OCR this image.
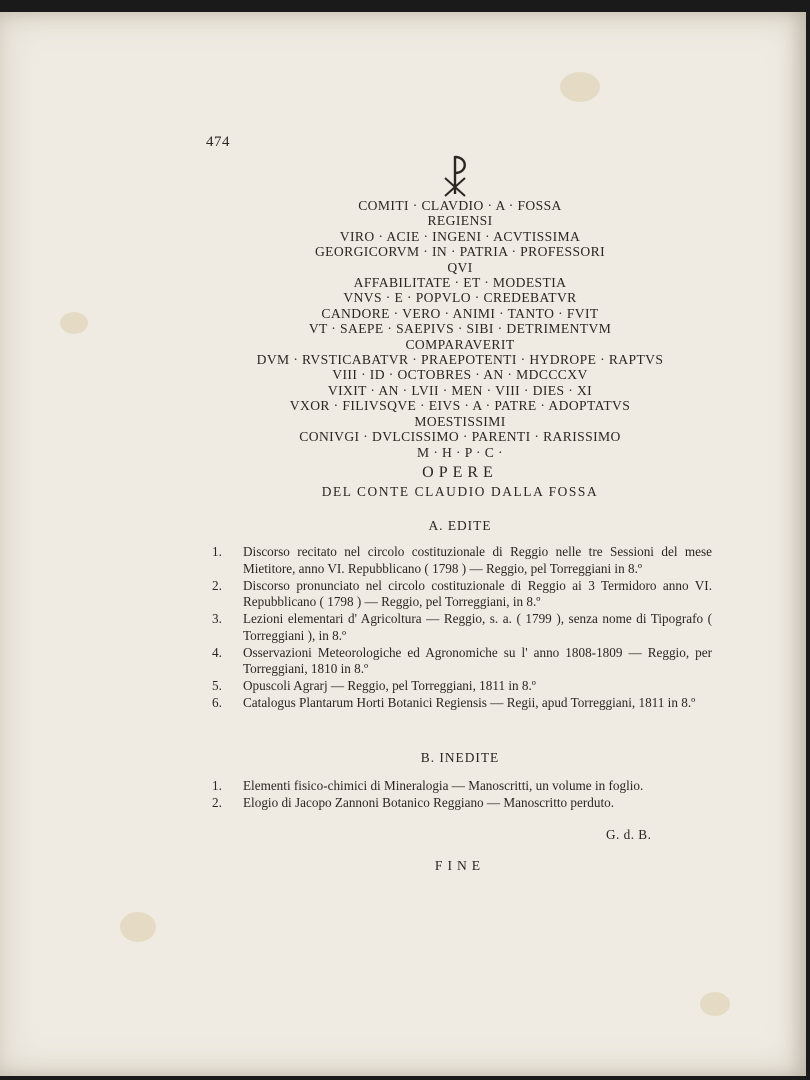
474
COMITI · CLAVDIO · A · FOSSA
REGIENSI
VIRO · ACIE · INGENI · ACVTISSIMA
GEORGICORVM · IN · PATRIA · PROFESSORI
QVI
AFFABILITATE · ET · MODESTIA
VNVS · E · POPVLO · CREDEBATVR
CANDORE · VERO · ANIMI · TANTO · FVIT
VT · SAEPE · SAEPIVS · SIBI · DETRIMENTVM
COMPARAVERIT
DVM · RVSTICABATVR · PRAEPOTENTI · HYDROPE · RAPTVS
VIII · ID · OCTOBRES · AN · MDCCCXV
VIXIT · AN · LVII · MEN · VIII · DIES · XI
VXOR · FILIVSQVE · EIVS · A · PATRE · ADOPTATVS
MOESTISSIMI
CONIVGI · DVLCISSIMO · PARENTI · RARISSIMO
M · H · P · C ·
OPERE
DEL CONTE CLAUDIO DALLA FOSSA
A. EDITE
1. Discorso recitato nel circolo costituzionale di Reggio nelle tre Sessioni del mese Mietitore, anno VI. Repubblicano ( 1798 ) — Reggio, pel Torreggiani in 8.º
2. Discorso pronunciato nel circolo costituzionale di Reggio ai 3 Termidoro anno VI. Repubblicano ( 1798 ) — Reggio, pel Torreggiani, in 8.º
3. Lezioni elementari d' Agricoltura — Reggio, s. a. ( 1799 ), senza nome di Tipografo ( Torreggiani ), in 8.º
4. Osservazioni Meteorologiche ed Agronomiche su l' anno 1808-1809 — Reggio, per Torreggiani, 1810 in 8.º
5. Opuscoli Agrarj — Reggio, pel Torreggiani, 1811 in 8.º
6. Catalogus Plantarum Horti Botanici Regiensis — Regii, apud Torreggiani, 1811 in 8.º
B. INEDITE
1. Elementi fisico-chimici di Mineralogia — Manoscritti, un volume in foglio.
2. Elogio di Jacopo Zannoni Botanico Reggiano — Manoscritto perduto.
G. d. B.
FINE
